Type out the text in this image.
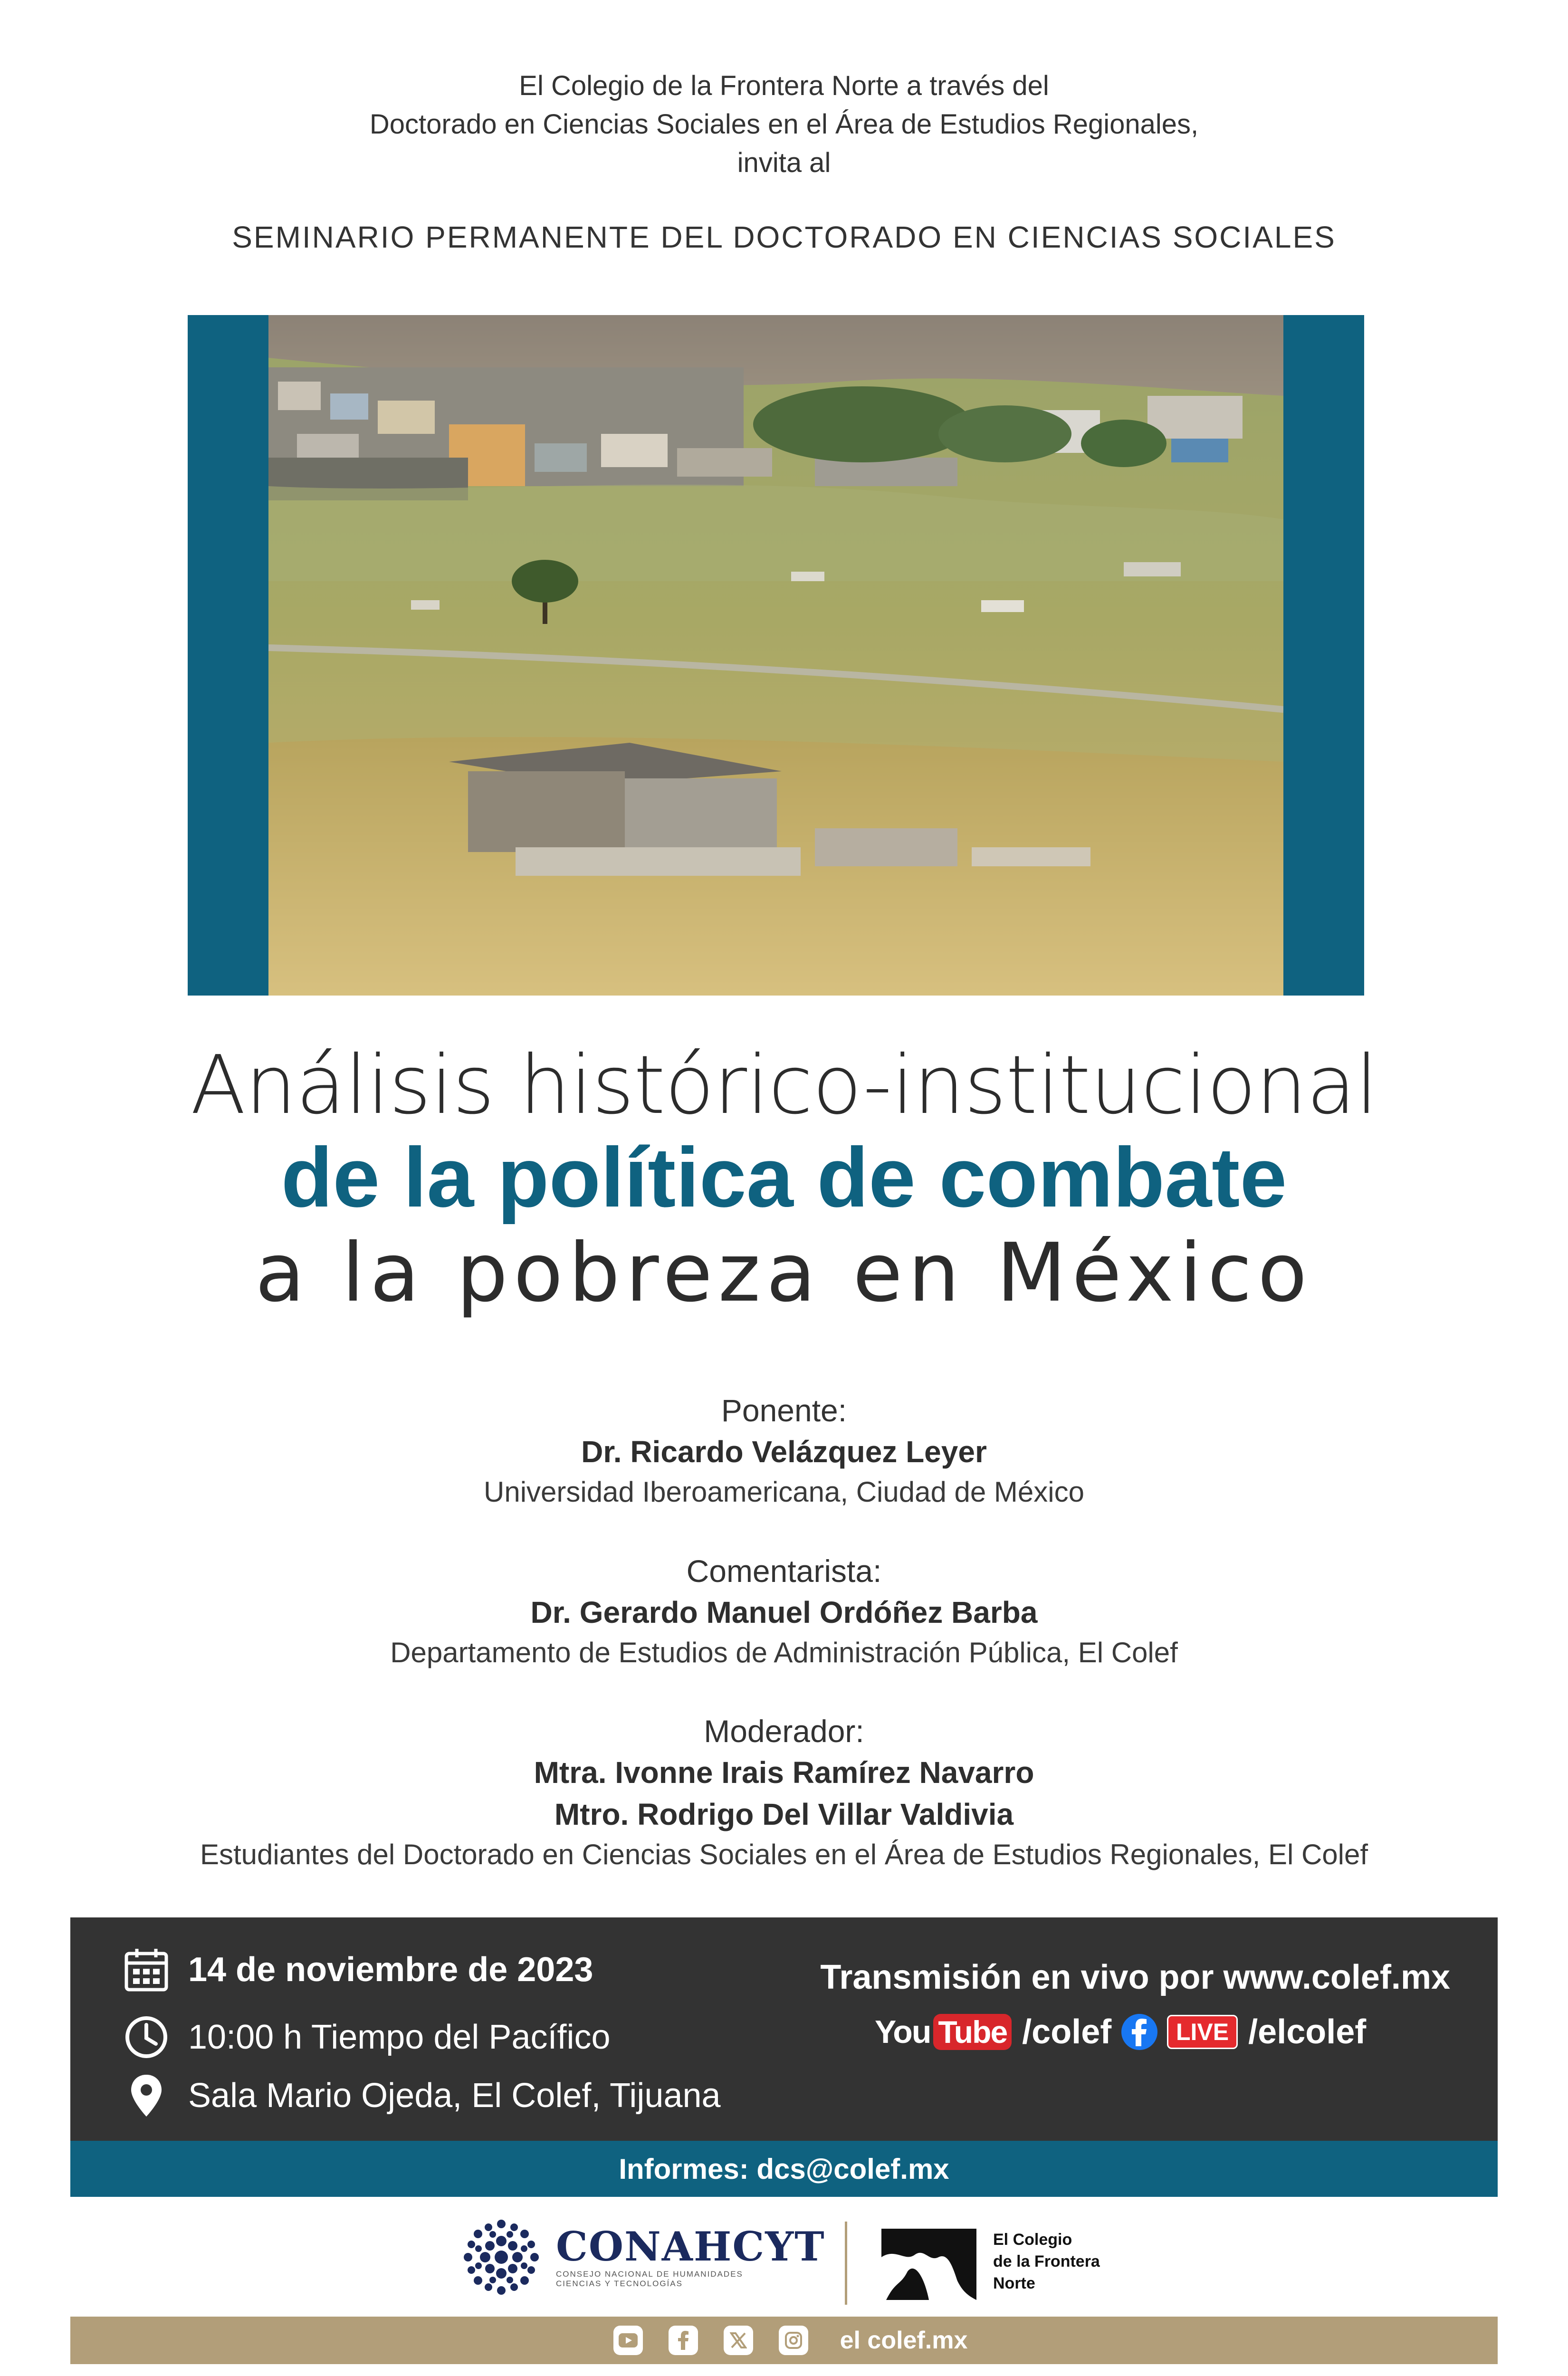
El Colegio de la Frontera Norte a través del
Doctorado en Ciencias Sociales en el Área de Estudios Regionales,
invita al
SEMINARIO PERMANENTE DEL DOCTORADO EN CIENCIAS SOCIALES
Análisis histórico-institucional
de la política de combate
a la pobreza en México
Ponente:
Dr. Ricardo Velázquez Leyer
Universidad Iberoamericana, Ciudad de México
Comentarista:
Dr. Gerardo Manuel Ordóñez Barba
Departamento de Estudios de Administración Pública, El Colef
Moderador:
Mtra. Ivonne Irais Ramírez Navarro
Mtro. Rodrigo Del Villar Valdivia
Estudiantes del Doctorado en Ciencias Sociales en el Área de Estudios Regionales, El Colef
14 de noviembre de 2023
10:00 h Tiempo del Pacífico
Sala Mario Ojeda, El Colef, Tijuana
Transmisión en vivo por www.colef.mx
You Tube /colef	LIVE /elcolef
Informes: dcs@colef.mx
CONAHCYT
CONSEJO NACIONAL DE HUMANIDADES
CIENCIAS Y TECNOLOGÍAS
El Colegio
de la Frontera
Norte
el colef.mx
